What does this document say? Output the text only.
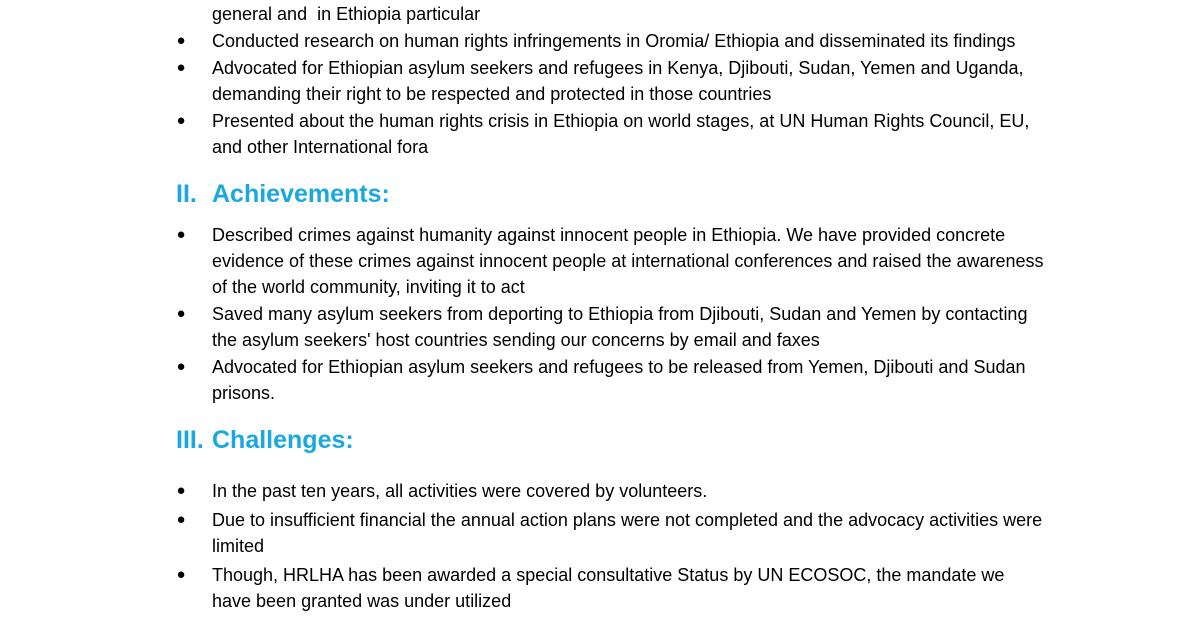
general and  in Ethiopia particular
● Conducted research on human rights infringements in Oromia/ Ethiopia and disseminated its findings
● Advocated for Ethiopian asylum seekers and refugees in Kenya, Djibouti, Sudan, Yemen and Uganda,
demanding their right to be respected and protected in those countries
● Presented about the human rights crisis in Ethiopia on world stages, at UN Human Rights Council, EU,
and other International fora
II. Achievements:
● Described crimes against humanity against innocent people in Ethiopia. We have provided concrete
evidence of these crimes against innocent people at international conferences and raised the awareness
of the world community, inviting it to act
● Saved many asylum seekers from deporting to Ethiopia from Djibouti, Sudan and Yemen by contacting
the asylum seekers' host countries sending our concerns by email and faxes
● Advocated for Ethiopian asylum seekers and refugees to be released from Yemen, Djibouti and Sudan
prisons.
III. Challenges:
● In the past ten years, all activities were covered by volunteers.
● Due to insufficient financial the annual action plans were not completed and the advocacy activities were
limited
● Though, HRLHA has been awarded a special consultative Status by UN ECOSOC, the mandate we
have been granted was under utilized
